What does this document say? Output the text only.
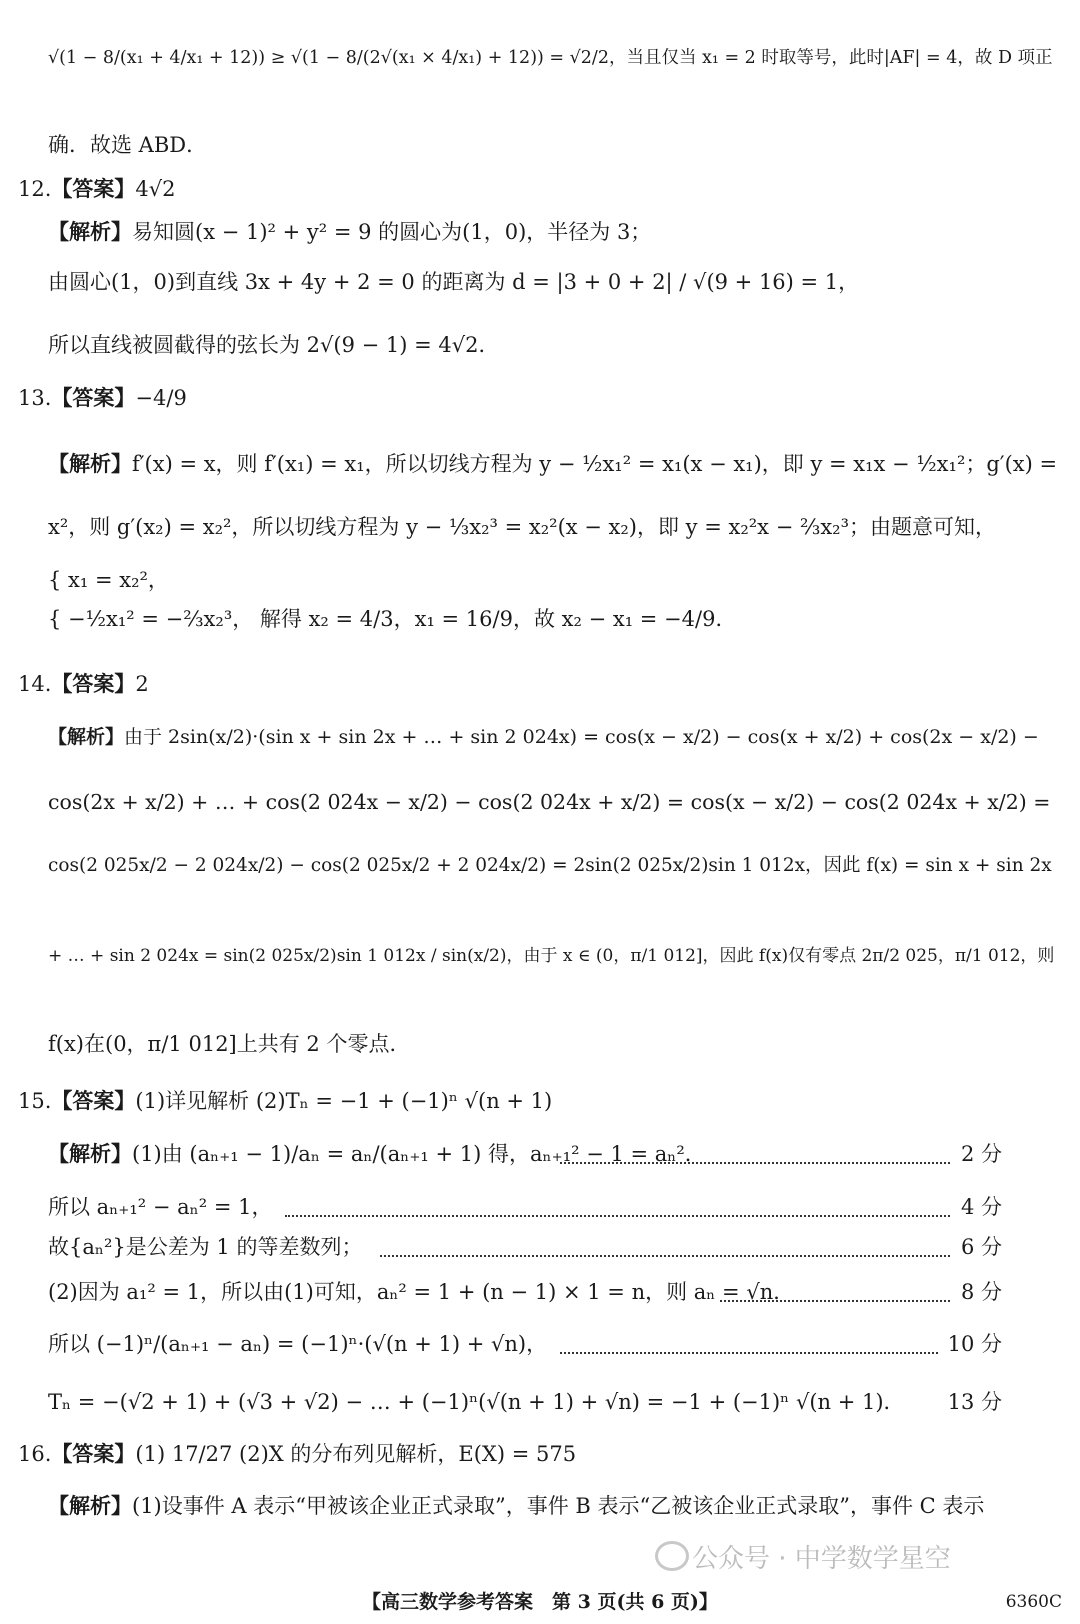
√(1 − 8/(x₁ + 4/x₁ + 12)) ≥ √(1 − 8/(2√(x₁ × 4/x₁) + 12)) = √2/2，当且仅当 x₁ = 2 时取等号，此时|AF| = 4，故 D 项正
确．故选 ABD．
12.【答案】4√2
【解析】易知圆(x − 1)² + y² = 9 的圆心为(1，0)，半径为 3；
由圆心(1，0)到直线 3x + 4y + 2 = 0 的距离为 d = |3 + 0 + 2| / √(9 + 16) = 1，
所以直线被圆截得的弦长为 2√(9 − 1) = 4√2．
13.【答案】−4/9
【解析】f′(x) = x，则 f′(x₁) = x₁，所以切线方程为 y − ½x₁² = x₁(x − x₁)，即 y = x₁x − ½x₁²；g′(x) =
x²，则 g′(x₂) = x₂²，所以切线方程为 y − ⅓x₂³ = x₂²(x − x₂)，即 y = x₂²x − ⅔x₂³；由题意可知，
{ x₁ = x₂²，
{ −½x₁² = −⅔x₂³， 解得 x₂ = 4/3，x₁ = 16/9，故 x₂ − x₁ = −4/9．
14.【答案】2
【解析】由于 2sin(x/2)·(sin x + sin 2x + … + sin 2 024x) = cos(x − x/2) − cos(x + x/2) + cos(2x − x/2) −
cos(2x + x/2) + … + cos(2 024x − x/2) − cos(2 024x + x/2) = cos(x − x/2) − cos(2 024x + x/2) =
cos(2 025x/2 − 2 024x/2) − cos(2 025x/2 + 2 024x/2) = 2sin(2 025x/2)sin 1 012x，因此 f(x) = sin x + sin 2x
+ … + sin 2 024x = sin(2 025x/2)sin 1 012x / sin(x/2)，由于 x ∈ (0，π/1 012]，因此 f(x)仅有零点 2π/2 025，π/1 012，则
f(x)在(0，π/1 012]上共有 2 个零点．
15.【答案】(1)详见解析 (2)Tₙ = −1 + (−1)ⁿ √(n + 1)
【解析】(1)由 (aₙ₊₁ − 1)/aₙ = aₙ/(aₙ₊₁ + 1) 得，aₙ₊₁² − 1 = aₙ²．	2 分
所以 aₙ₊₁² − aₙ² = 1，	4 分
故{aₙ²}是公差为 1 的等差数列；	6 分
(2)因为 a₁² = 1，所以由(1)可知，aₙ² = 1 + (n − 1) × 1 = n，则 aₙ = √n．	8 分
所以 (−1)ⁿ/(aₙ₊₁ − aₙ) = (−1)ⁿ·(√(n + 1) + √n)，	10 分
Tₙ = −(√2 + 1) + (√3 + √2) − … + (−1)ⁿ(√(n + 1) + √n) = −1 + (−1)ⁿ √(n + 1)． 13 分
16.【答案】(1) 17/27 (2)X 的分布列见解析，E(X) = 575
【解析】(1)设事件 A 表示“甲被该企业正式录取”，事件 B 表示“乙被该企业正式录取”，事件 C 表示
公众号 · 中学数学星空
【高三数学参考答案　第 3 页(共 6 页)】	6360C
